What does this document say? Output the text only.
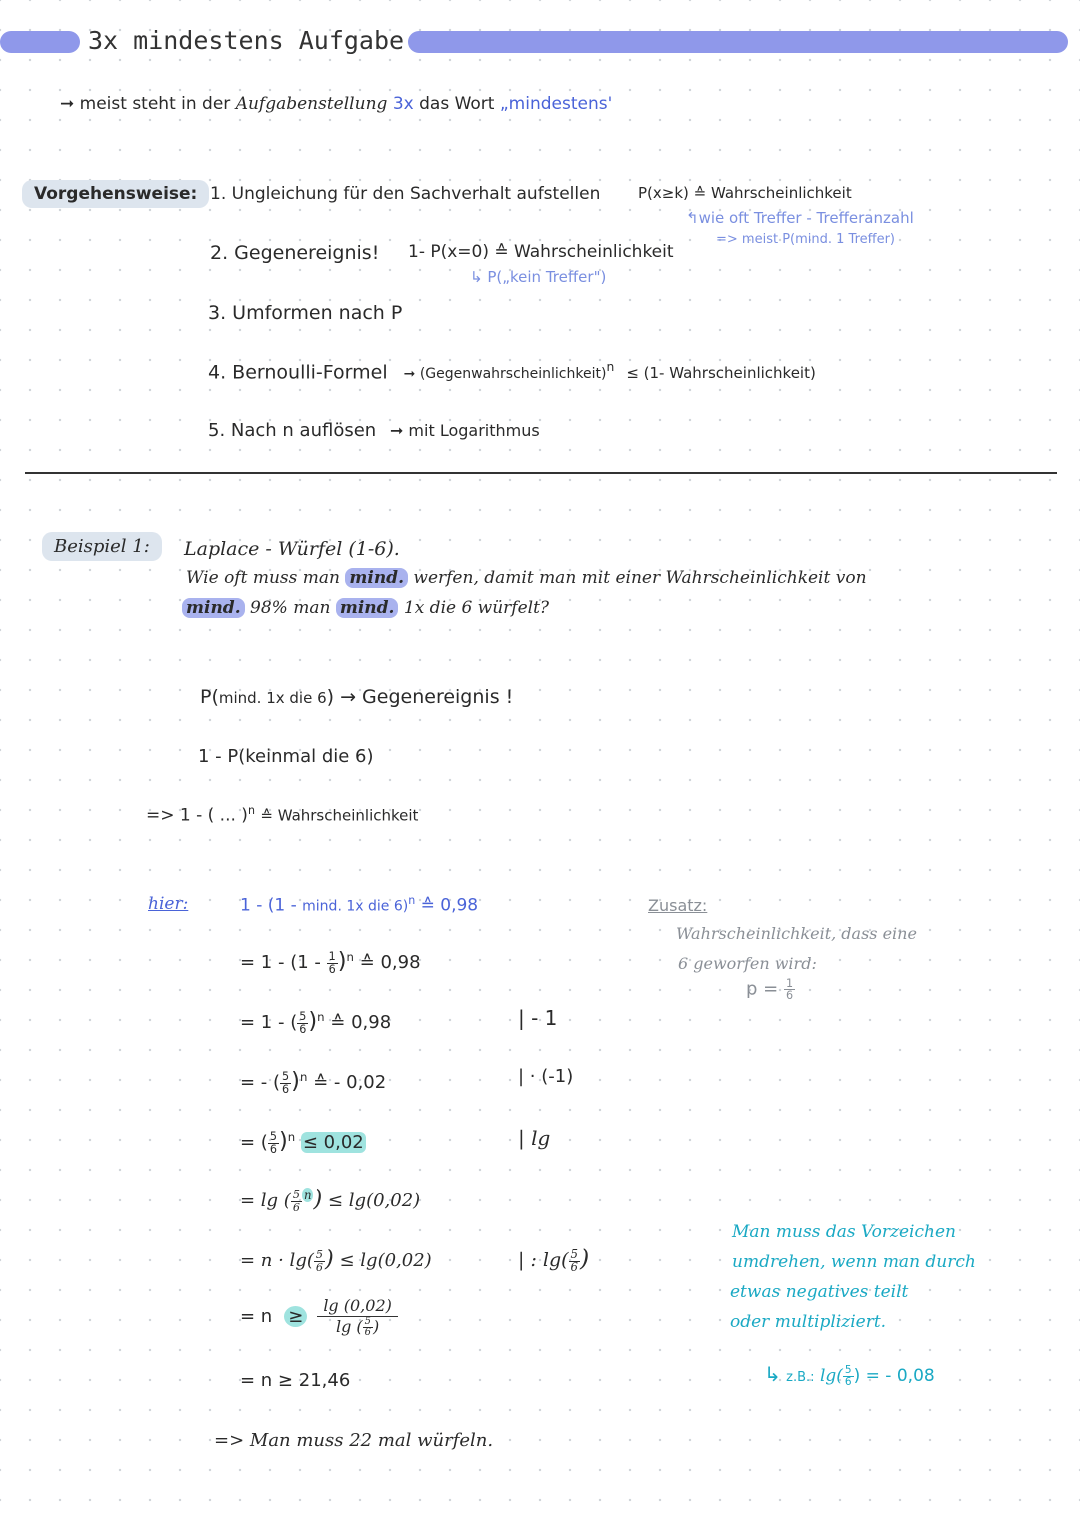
3x mindestens Aufgabe
➞ meist steht in der Aufgabenstellung 3x das Wort „mindestens'
Vorgehensweise: 1. Ungleichung für den Sachverhalt aufstellen	P(x≥k) ≙ Wahrscheinlichkeit
↰wie oft Treffer - Trefferanzahl
=> meist P(mind. 1 Treffer)
2. Gegenereignis! 1- P(x=0) ≙ Wahrscheinlichkeit
↳ P(„kein Treffer")
3. Umformen nach P
4. Bernoulli-Formel ➞ (Gegenwahrscheinlichkeit)$^n$ ≤ (1- Wahrscheinlichkeit)
5. Nach n auflösen ➞ mit Logarithmus
Beispiel 1:	Laplace - Würfel (1-6).
Wie oft muss man mind. werfen, damit man mit einer Wahrscheinlichkeit von
mind. 98% man mind. 1x die 6 würfelt?
P(mind. 1x die 6) → Gegenereignis !
1 - P(keinmal die 6)
=> 1 - ( ... )$^n$ ≙ Wahrscheinlichkeit
hier:	1 - (1 - mind. 1x die 6)$^n$ ≙ 0,98
= $1 - (1 - \frac{1}{6} )^n$ ≙ 0,98
= 1 - ( $\frac{5}{6} )^n$ ≙ 0,98	| - 1
= - ( $\frac{5}{6} )^n$ ≙ - 0,02	| · (-1)
= ( $\frac{5}{6} )^n \le 0,02$	| lg
= lg ( $\frac{5}{6} ^n) \le \lg(0,02)$
= $n \cdot \lg( \frac{5}{6}$ ) ≤ lg(0,02)	| : $\lg( \frac{5}{6}$ )
= $n \ge \frac{\lg (0,02)}{\lg ( \frac{5}{6} )}$
= n ≥ 21,46
=> Man muss 22 mal würfeln.
Zusatz:
Wahrscheinlichkeit, dass eine
6 geworfen wird:
$p = \frac{1}{6}$
Man muss das Vorzeichen
umdrehen, wenn man durch
etwas negatives teilt
oder multipliziert.
↳ z.B.: $\lg( \frac{5}{6}$ ) = - 0,08
